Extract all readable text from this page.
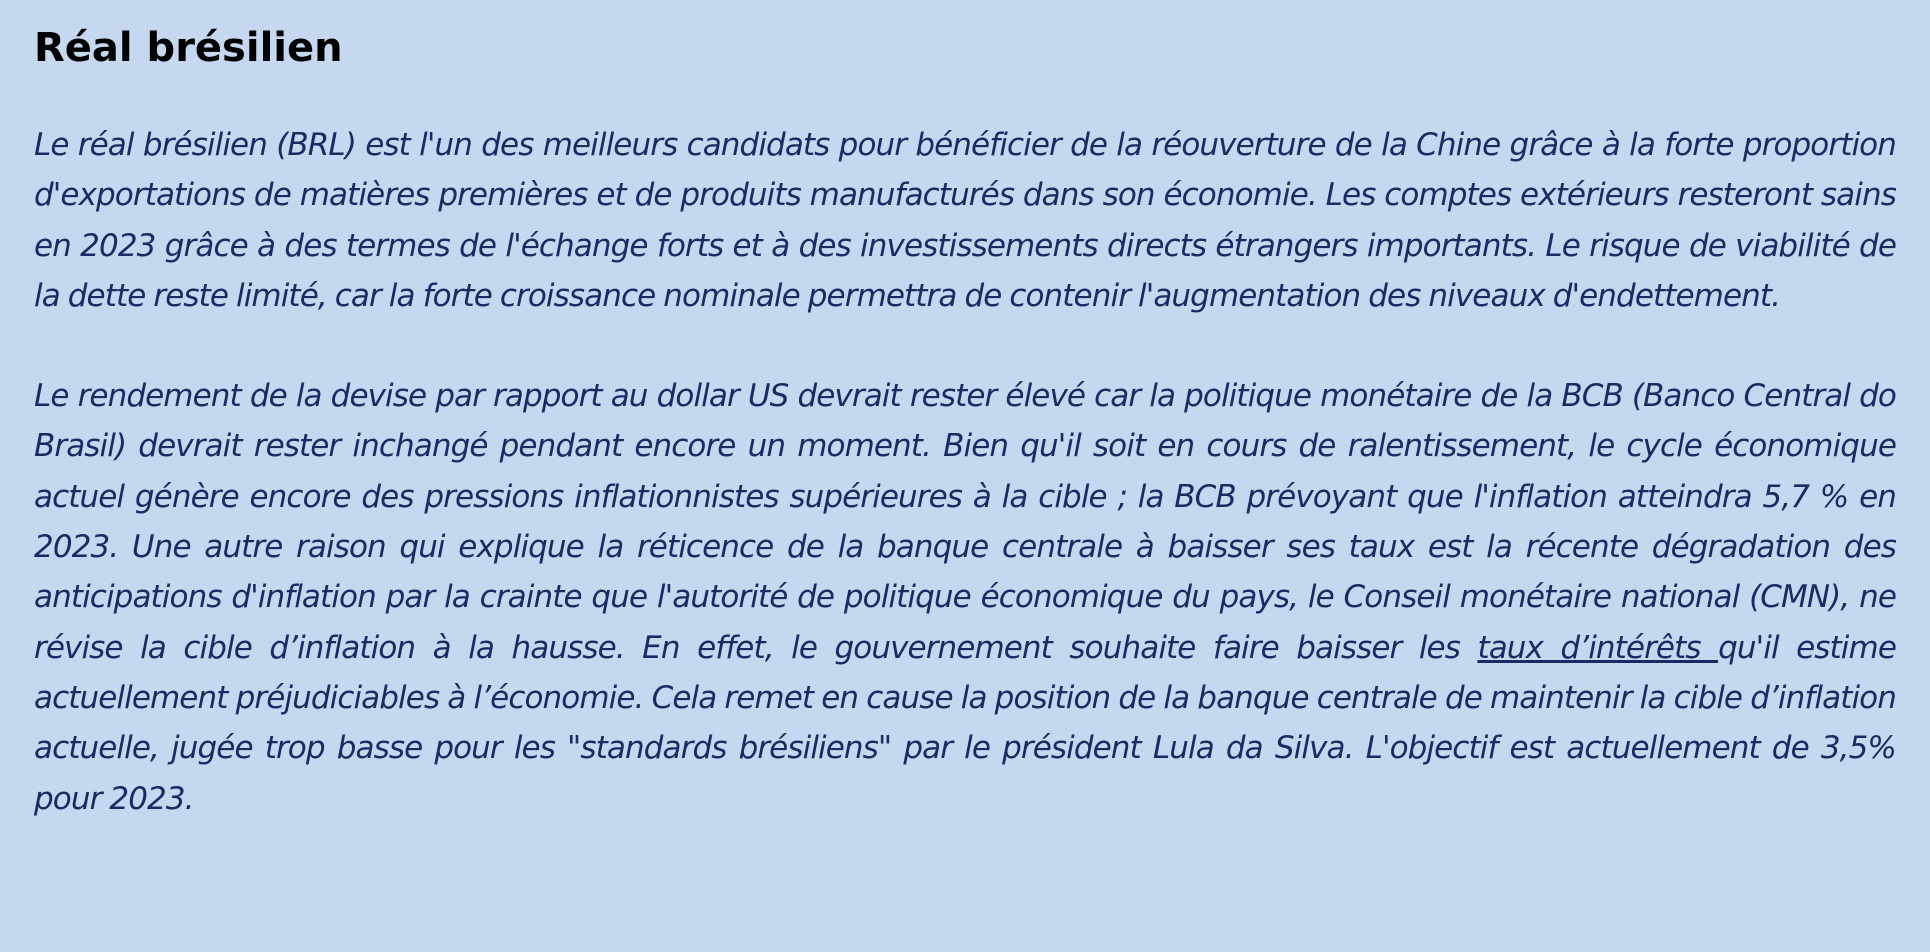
Réal brésilien

Le réal brésilien (BRL) est l'un des meilleurs candidats pour bénéficier de la réouverture de la Chine grâce à la forte proportion d'exportations de matières premières et de produits manufacturés dans son économie. Les comptes extérieurs resteront sains en 2023 grâce à des termes de l'échange forts et à des investissements directs étrangers importants. Le risque de viabilité de la dette reste limité, car la forte croissance nominale permettra de contenir l'augmentation des niveaux d'endettement.

Le rendement de la devise par rapport au dollar US devrait rester élevé car la politique monétaire de la BCB (Banco Central do Brasil) devrait rester inchangé pendant encore un moment. Bien qu'il soit en cours de ralentissement, le cycle économique actuel génère encore des pressions inflationnistes supérieures à la cible ; la BCB prévoyant que l'inflation atteindra 5,7 % en 2023. Une autre raison qui explique la réticence de la banque centrale à baisser ses taux est la récente dégradation des anticipations d'inflation par la crainte que l'autorité de politique économique du pays, le Conseil monétaire national (CMN), ne révise la cible d’inflation à la hausse. En effet, le gouvernement souhaite faire baisser les taux d’intérêts qu'il estime actuellement préjudiciables à l’économie. Cela remet en cause la position de la banque centrale de maintenir la cible d’inflation actuelle, jugée trop basse pour les "standards brésiliens" par le président Lula da Silva. L'objectif est actuellement de 3,5% pour 2023.
